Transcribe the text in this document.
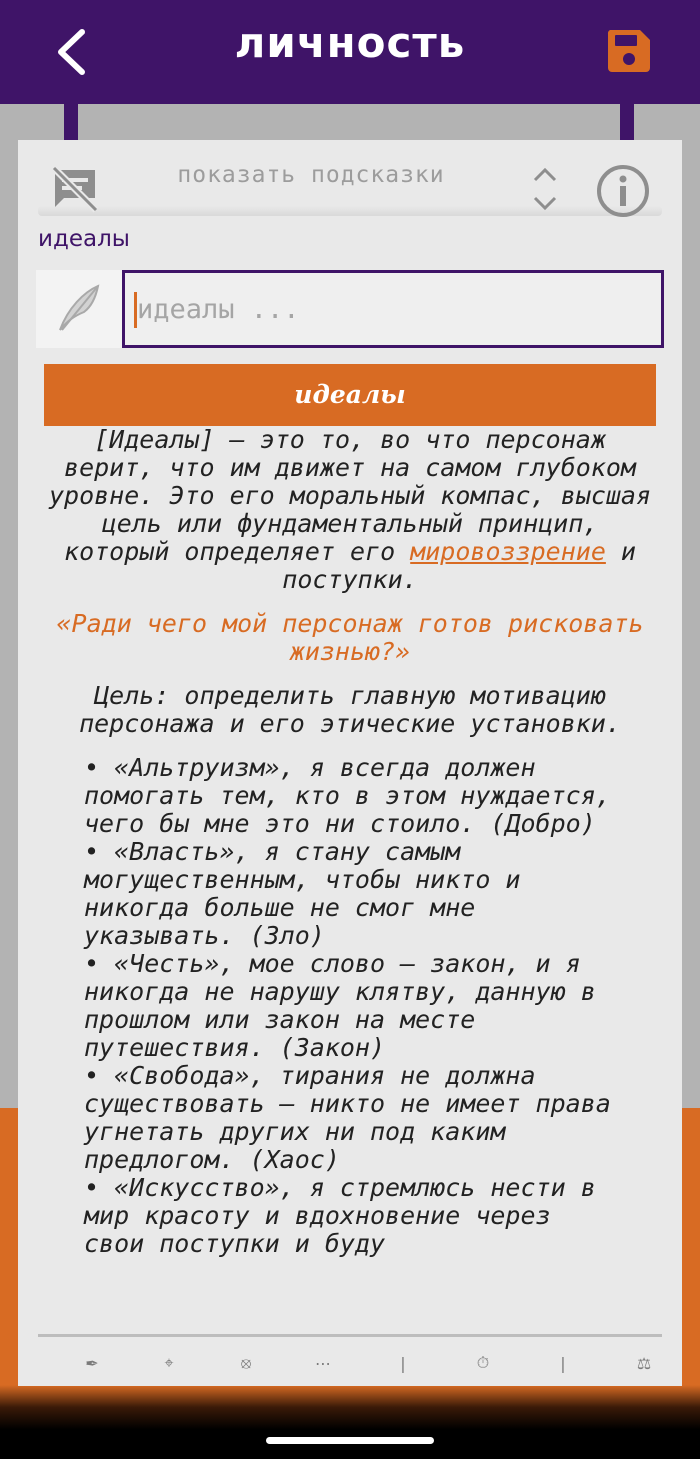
личность
показать подсказки
идеалы
идеалы ...
идеалы

[Идеалы] — это то, во что персонаж верит, что им движет на самом глубоком уровне. Это его моральный компас, высшая цель или фундаментальный принцип, который определяет его мировоззрение и поступки.

«Ради чего мой персонаж готов рисковать жизнью?»

Цель: определить главную мотивацию персонажа и его этические установки.

• «Альтруизм», я всегда должен помогать тем, кто в этом нуждается, чего бы мне это ни стоило. (Добро)
• «Власть», я стану самым могущественным, чтобы никто и никогда больше не смог мне указывать. (Зло)
• «Честь», мое слово — закон, и я никогда не нарушу клятву, данную в прошлом или закон на месте путешествия. (Закон)
• «Свобода», тирания не должна существовать — никто не имеет права угнетать других ни под каким предлогом. (Хаос)
• «Искусство», я стремлюсь нести в мир красоту и вдохновение через свои поступки и буду
✒	⌖	⦻	⋯	|	⏱	|	⚖
